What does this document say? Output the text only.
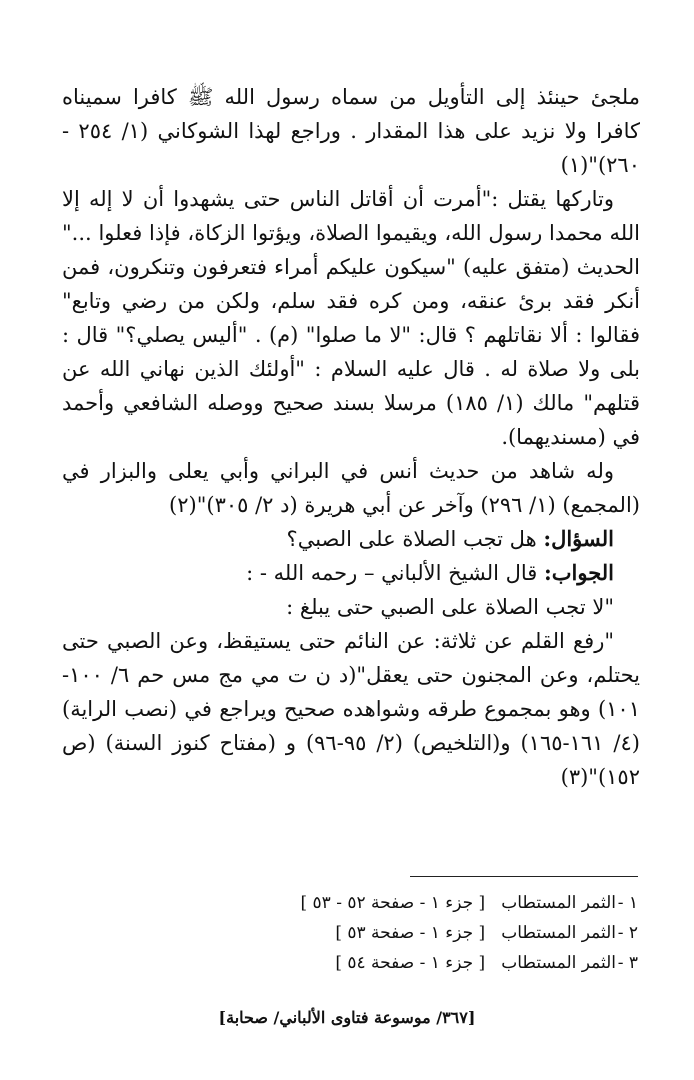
ملجئ حينئذ إلى التأويل من سماه رسول الله ﷺ كافرا سميناه كافرا ولا نزيد على هذا المقدار . وراجع لهذا الشوكاني (١/ ٢٥٤ - ٢٦٠)"(١)

وتاركها يقتل :"أمرت أن أقاتل الناس حتى يشهدوا أن لا إله إلا الله محمدا رسول الله، ويقيموا الصلاة، ويؤتوا الزكاة، فإذا فعلوا ..." الحديث (متفق عليه) "سيكون عليكم أمراء فتعرفون وتنكرون، فمن أنكر فقد برئ عنقه، ومن كره فقد سلم، ولكن من رضي وتابع" فقالوا : ألا نقاتلهم ؟ قال: "لا ما صلوا" (م) . "أليس يصلي؟" قال : بلى ولا صلاة له . قال عليه السلام : "أولئك الذين نهاني الله عن قتلهم" مالك (١/ ١٨٥) مرسلا بسند صحيح ووصله الشافعي وأحمد في (مسنديهما).

وله شاهد من حديث أنس في البراني وأبي يعلى والبزار في (المجمع) (١/ ٢٩٦) وآخر عن أبي هريرة (د ٢/ ٣٠٥)"(٢)

السؤال: هل تجب الصلاة على الصبي؟

الجواب: قال الشيخ الألباني – رحمه الله - :

"لا تجب الصلاة على الصبي حتى يبلغ :

"رفع القلم عن ثلاثة: عن النائم حتى يستيقظ، وعن الصبي حتى يحتلم، وعن المجنون حتى يعقل"(د ن ت مي مج مس حم ٦/ ١٠٠- ١٠١) وهو بمجموع طرقه وشواهده صحيح ويراجع في (نصب الراية) (٤/ ١٦١-١٦٥) و(التلخيص) (٢/ ٩٥-٩٦) و (مفتاح كنوز السنة) (ص ١٥٢)"(٣)

١ -
الثمر المستطاب
[ جزء ١ - صفحة ٥٢ - ٥٣ ]
٢ -
الثمر المستطاب
[ جزء ١ - صفحة ٥٣ ]
٣ -
الثمر المستطاب
[ جزء ١ - صفحة ٥٤ ]
[٣٦٧/ موسوعة فتاوى الألباني/ صحابة]
